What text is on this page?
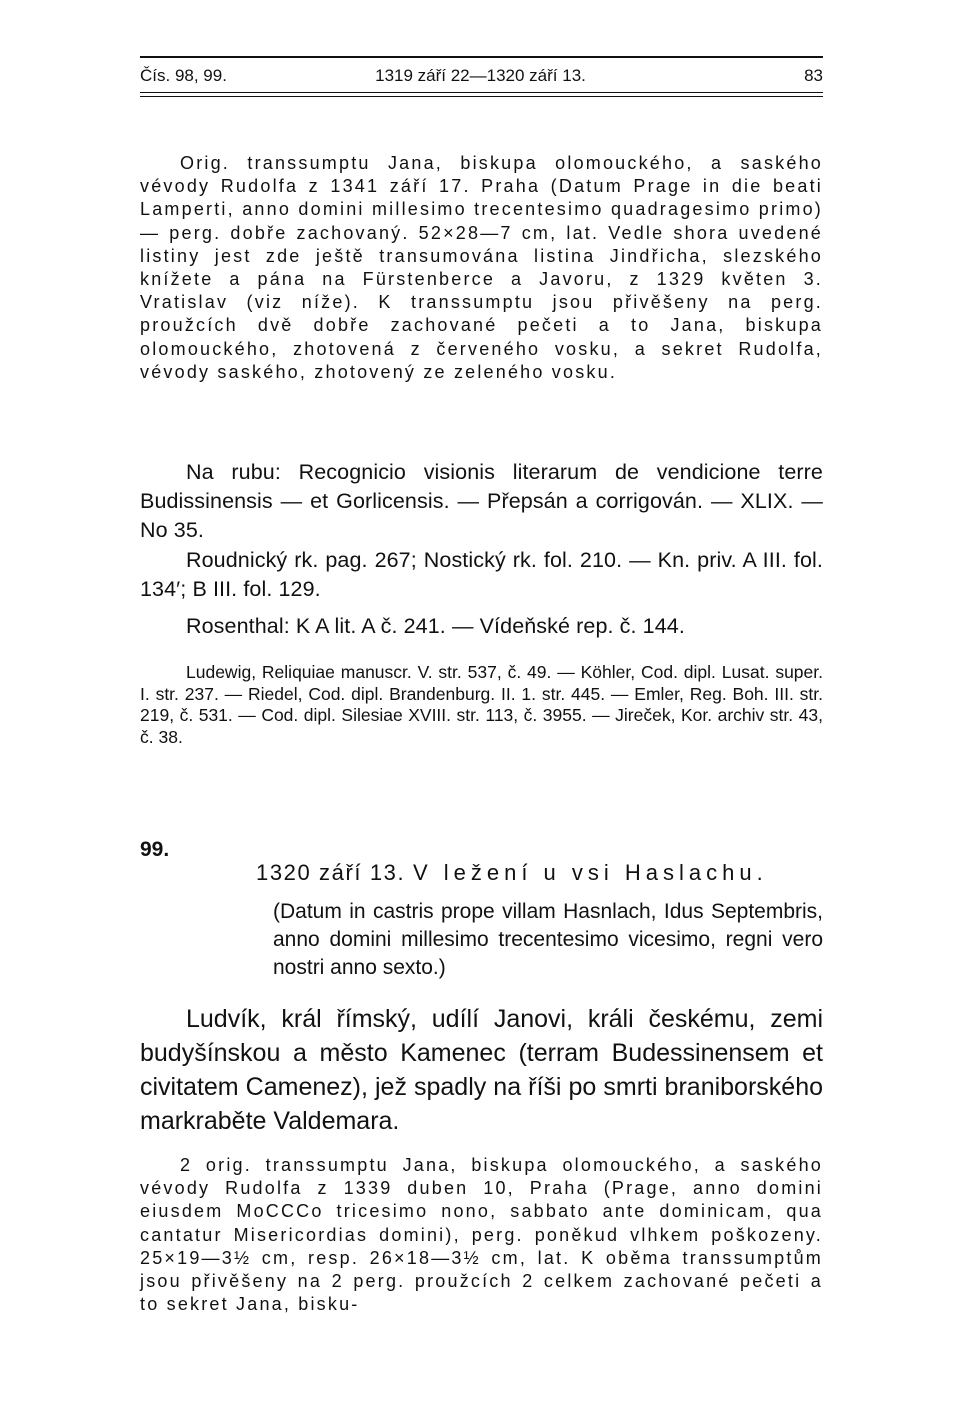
Čís. 98, 99.	1319 září 22—1320 září 13.	83

Orig. transsumptu Jana, biskupa olomouckého, a saského vévody Rudolfa z 1341 září 17. Praha (Datum Prage in die beati Lamperti, anno domini millesimo trecentesimo quadragesimo primo) — perg. dobře zachovaný. 52×28—7 cm, lat. Vedle shora uvedené listiny jest zde ještě transumována listina Jindřicha, slezského knížete a pána na Fürstenberce a Javoru, z 1329 květen 3. Vratislav (viz níže). K transsumptu jsou přivěšeny na perg. proužcích dvě dobře zachované pečeti a to Jana, biskupa olomouckého, zhotovená z červeného vosku, a sekret Rudolfa, vévody saského, zhotovený ze zeleného vosku.

Na rubu: Recognicio visionis literarum de vendicione terre Budissinensis — et Gorlicensis. — Přepsán a corrigován. — XLIX. — No 35.

Roudnický rk. pag. 267; Nostický rk. fol. 210. — Kn. priv. A III. fol. 134′; B III. fol. 129.

Rosenthal: K A lit. A č. 241. — Vídeňské rep. č. 144.

Ludewig, Reliquiae manuscr. V. str. 537, č. 49. — Köhler, Cod. dipl. Lusat. super. I. str. 237. — Riedel, Cod. dipl. Brandenburg. II. 1. str. 445. — Emler, Reg. Boh. III. str. 219, č. 531. — Cod. dipl. Silesiae XVIII. str. 113, č. 3955. — Jireček, Kor. archiv str. 43, č. 38.

99.

1320 září 13. V ležení u vsi Haslachu.

(Datum in castris prope villam Hasnlach, Idus Septembris, anno domini millesimo trecentesimo vicesimo, regni vero nostri anno sexto.)

Ludvík, král římský, udílí Janovi, králi českému, zemi budyšínskou a město Kamenec (terram Budessinensem et civitatem Camenez), jež spadly na říši po smrti braniborského markraběte Valdemara.

2 orig. transsumptu Jana, biskupa olomouckého, a saského vévody Rudolfa z 1339 duben 10, Praha (Prage, anno domini eiusdem MoCCCo tricesimo nono, sabbato ante dominicam, qua cantatur Misericordias domini), perg. poněkud vlhkem poškozeny. 25×19—3½ cm, resp. 26×18—3½ cm, lat. K oběma transsumptům jsou přivěšeny na 2 perg. proužcích 2 celkem zachované pečeti a to sekret Jana, bisku-
